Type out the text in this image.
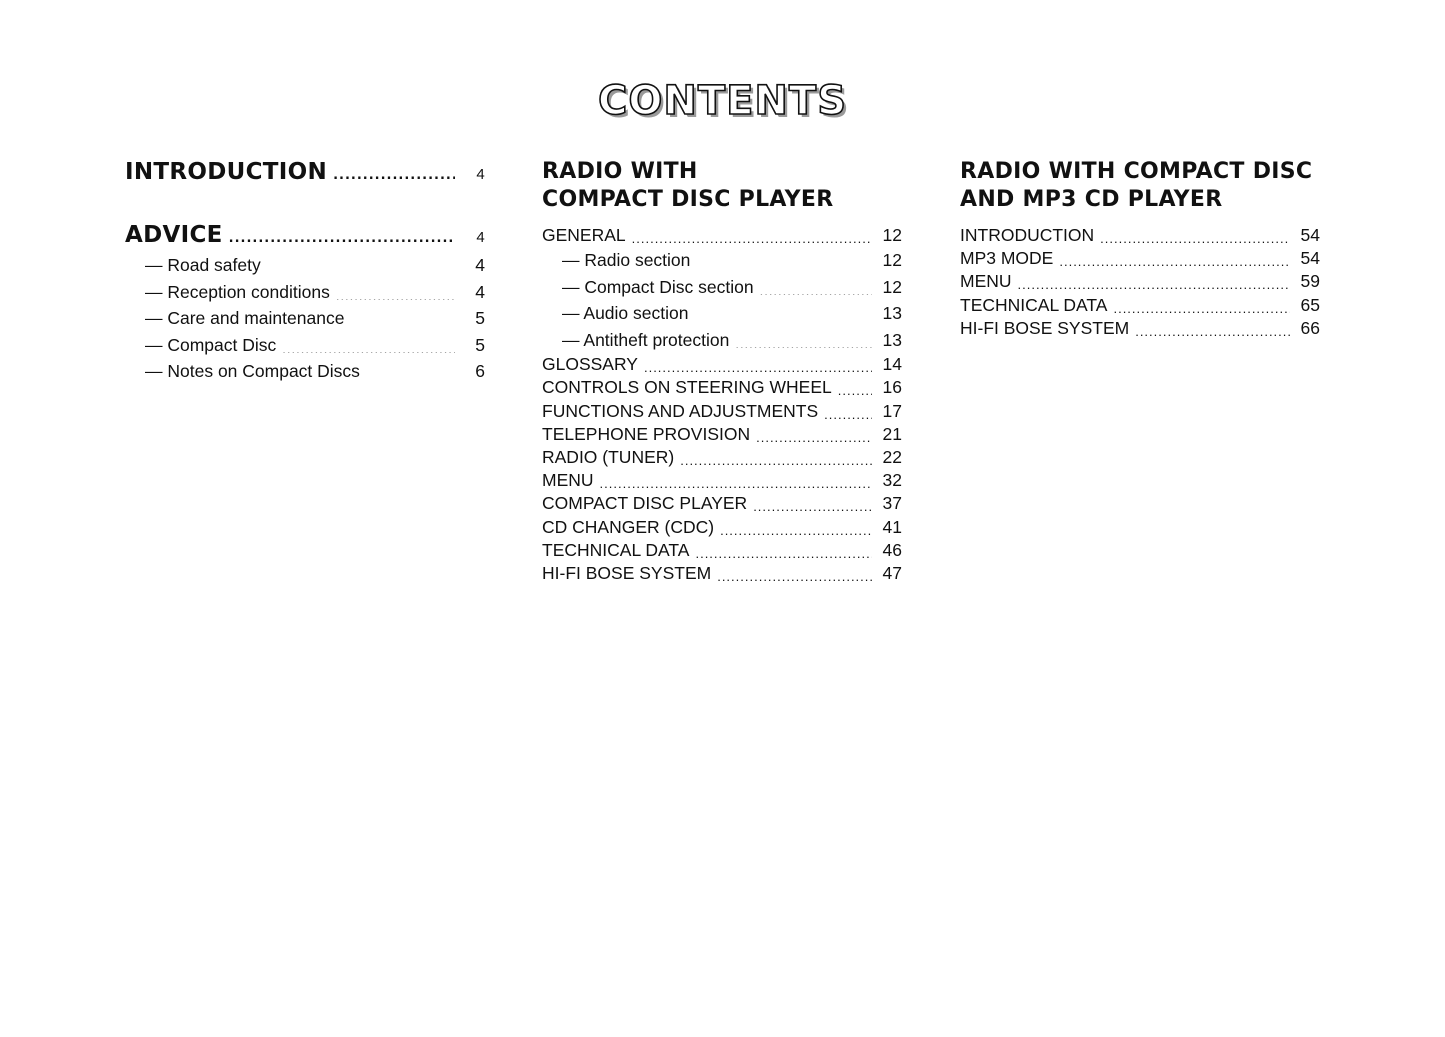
CONTENTS
INTRODUCTION .....	4
ADVICE .....	4
— Road safety .....	4
— Reception conditions .....	4
— Care and maintenance .....	5
— Compact Disc .....	5
— Notes on Compact Discs .....	6
RADIO WITH
COMPACT DISC PLAYER
GENERAL .....	12
— Radio section .....	12
— Compact Disc section .....	12
— Audio section .....	13
— Antitheft protection .....	13
GLOSSARY .....	14
CONTROLS ON STEERING WHEEL .....	16
FUNCTIONS AND ADJUSTMENTS .....	17
TELEPHONE PROVISION .....	21
RADIO (TUNER) .....	22
MENU .....	32
COMPACT DISC PLAYER .....	37
CD CHANGER (CDC) .....	41
TECHNICAL DATA .....	46
HI-FI BOSE SYSTEM .....	47
RADIO WITH COMPACT DISC
AND MP3 CD PLAYER
INTRODUCTION .....	54
MP3 MODE .....	54
MENU .....	59
TECHNICAL DATA .....	65
HI-FI BOSE SYSTEM .....	66
